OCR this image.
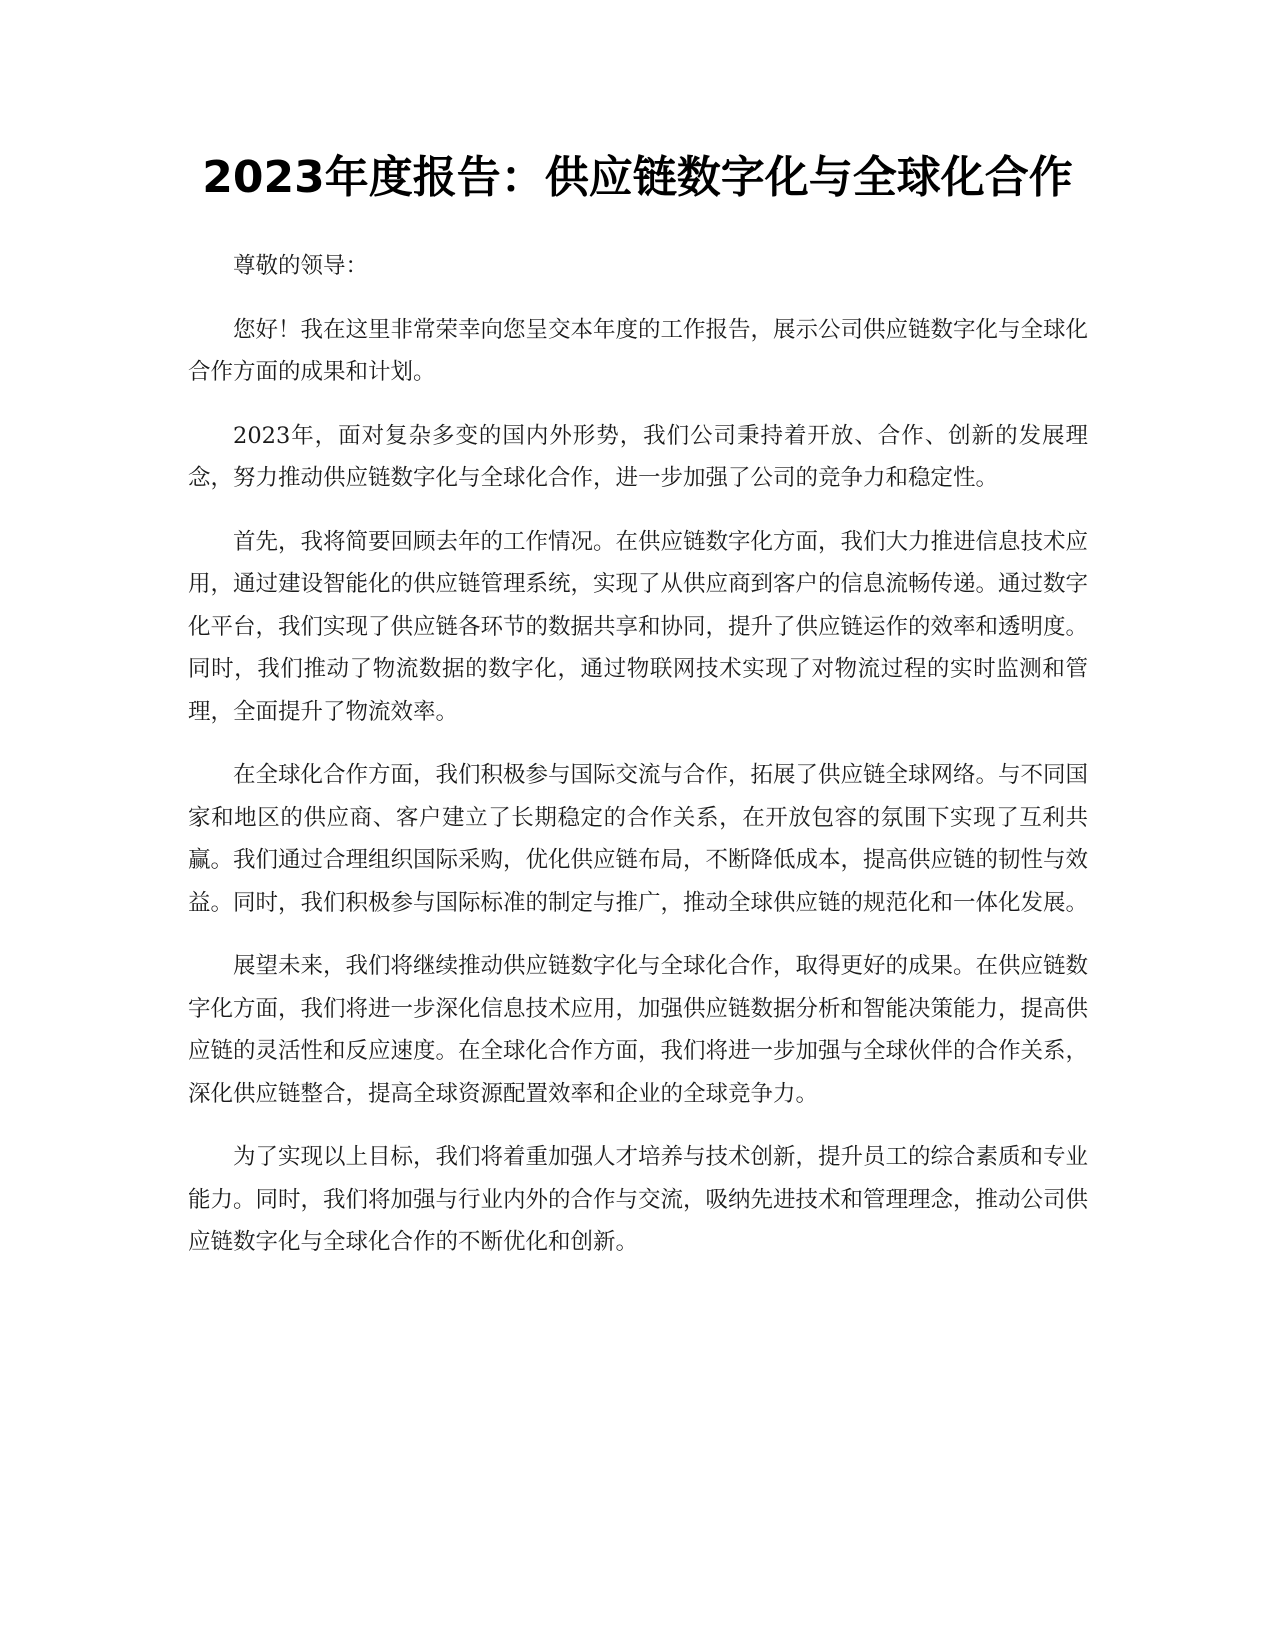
2023年度报告：供应链数字化与全球化合作

尊敬的领导：

您好！我在这里非常荣幸向您呈交本年度的工作报告，展示公司供应链数字化与全球化合作方面的成果和计划。

2023年，面对复杂多变的国内外形势，我们公司秉持着开放、合作、创新的发展理念，努力推动供应链数字化与全球化合作，进一步加强了公司的竞争力和稳定性。

首先，我将简要回顾去年的工作情况。在供应链数字化方面，我们大力推进信息技术应用，通过建设智能化的供应链管理系统，实现了从供应商到客户的信息流畅传递。通过数字化平台，我们实现了供应链各环节的数据共享和协同，提升了供应链运作的效率和透明度。同时，我们推动了物流数据的数字化，通过物联网技术实现了对物流过程的实时监测和管理，全面提升了物流效率。

在全球化合作方面，我们积极参与国际交流与合作，拓展了供应链全球网络。与不同国家和地区的供应商、客户建立了长期稳定的合作关系，在开放包容的氛围下实现了互利共赢。我们通过合理组织国际采购，优化供应链布局，不断降低成本，提高供应链的韧性与效益。同时，我们积极参与国际标准的制定与推广，推动全球供应链的规范化和一体化发展。

展望未来，我们将继续推动供应链数字化与全球化合作，取得更好的成果。在供应链数字化方面，我们将进一步深化信息技术应用，加强供应链数据分析和智能决策能力，提高供应链的灵活性和反应速度。在全球化合作方面，我们将进一步加强与全球伙伴的合作关系，深化供应链整合，提高全球资源配置效率和企业的全球竞争力。

为了实现以上目标，我们将着重加强人才培养与技术创新，提升员工的综合素质和专业能力。同时，我们将加强与行业内外的合作与交流，吸纳先进技术和管理理念，推动公司供应链数字化与全球化合作的不断优化和创新。
